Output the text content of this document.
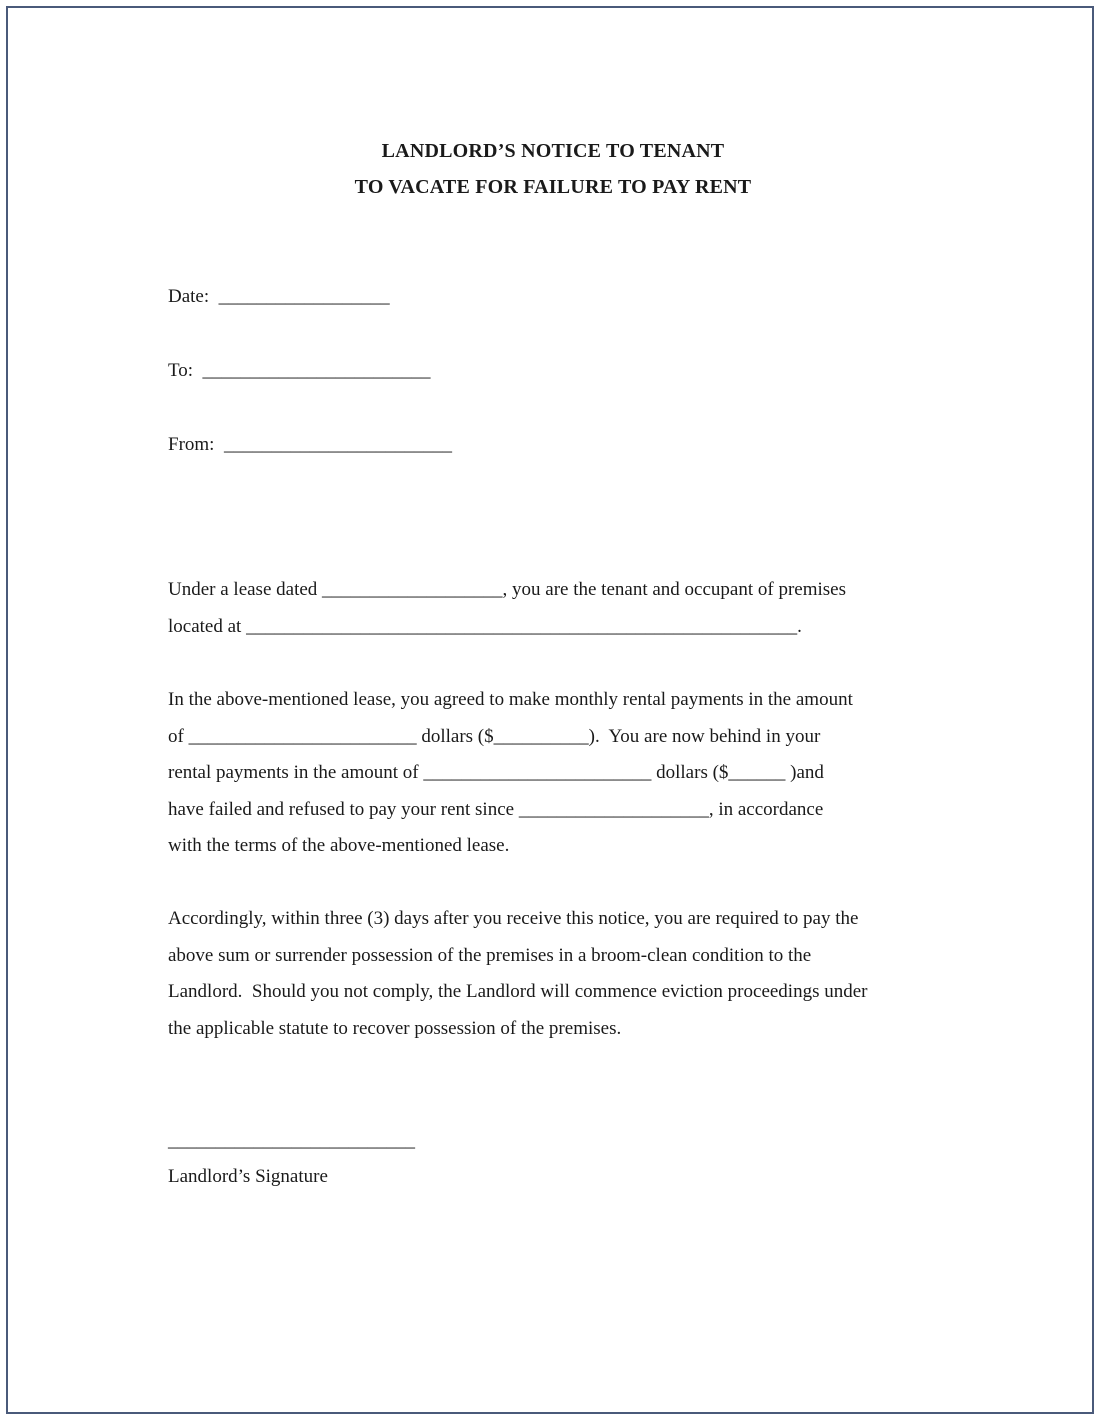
LANDLORD’S NOTICE TO TENANT
TO VACATE FOR FAILURE TO PAY RENT
Date:  __________________
To:  ________________________
From:  ________________________
Under a lease dated ___________________, you are the tenant and occupant of premises
located at __________________________________________________________.
In the above-mentioned lease, you agreed to make monthly rental payments in the amount
of ________________________ dollars ($__________).  You are now behind in your
rental payments in the amount of ________________________ dollars ($______ )and
have failed and refused to pay your rent since ____________________, in accordance
with the terms of the above-mentioned lease.
Accordingly, within three (3) days after you receive this notice, you are required to pay the
above sum or surrender possession of the premises in a broom-clean condition to the
Landlord.  Should you not comply, the Landlord will commence eviction proceedings under
the applicable statute to recover possession of the premises.
__________________________
Landlord’s Signature
